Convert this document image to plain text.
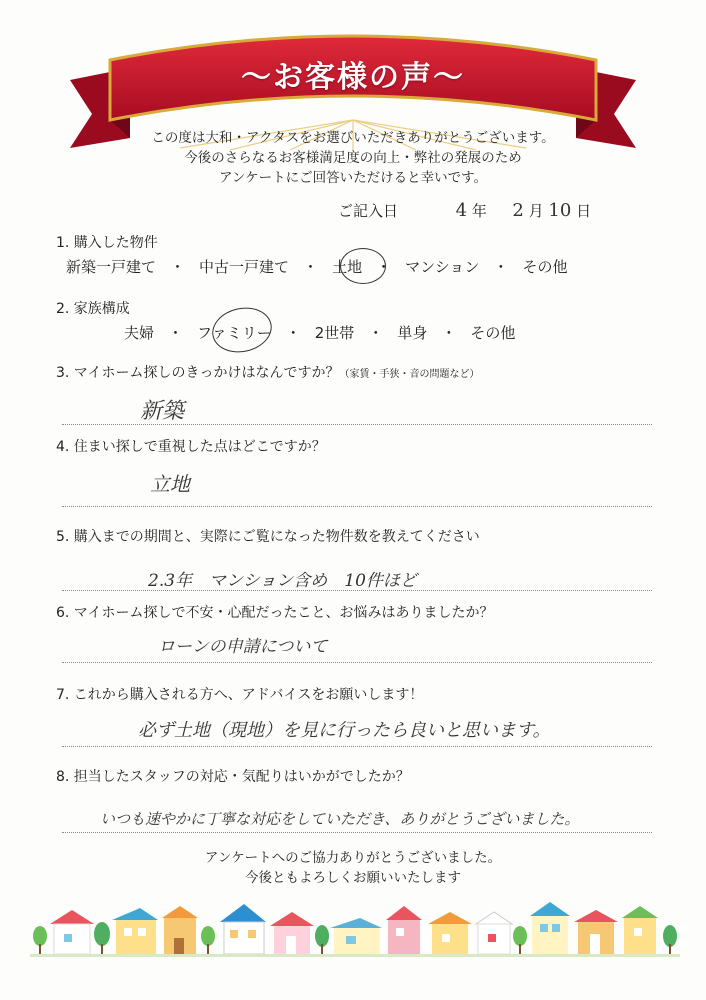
〜お客様の声〜
この度は大和・アクタスをお選びいただきありがとうございます。
今後のさらなるお客様満足度の向上・弊社の発展のため
アンケートにご回答いただけると幸いです。
ご記入日	4 年 2 月 10 日
1. 購入した物件
新築一戸建て ・ 中古一戸建て ・ 土地 ・ マンション ・ その他
2. 家族構成
夫婦 ・ ファミリー ・ 2世帯 ・ 単身 ・ その他
3. マイホーム探しのきっかけはなんですか？（家賃・手狭・音の問題など）
新築
4. 住まい探しで重視した点はどこですか？
立地
5. 購入までの期間と、実際にご覧になった物件数を教えてください
2.3年　マンション含め　10件ほど
6. マイホーム探しで不安・心配だったこと、お悩みはありましたか？
ローンの申請について
7. これから購入される方へ、アドバイスをお願いします！
必ず土地（現地）を見に行ったら良いと思います。
8. 担当したスタッフの対応・気配りはいかがでしたか？
いつも速やかに丁寧な対応をしていただき、ありがとうございました。
アンケートへのご協力ありがとうございました。
今後ともよろしくお願いいたします
